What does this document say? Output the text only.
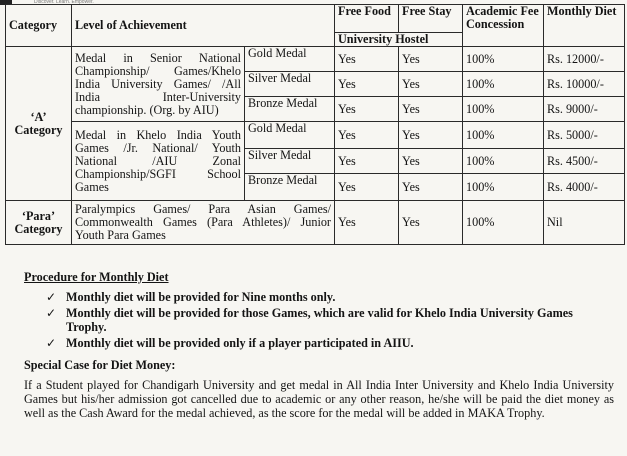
Discover. Learn. Empower.
Category	Level of Achievement		Free Food	Free Stay	Academic Fee Concession	Monthly Diet
			University Hostel			
‘A’ Category	Medal in Senior National Championship/ Games/Khelo India University Games/ /All India Inter-University championship. (Org. by AIU)	Gold Medal	Yes	Yes	100%	Rs. 12000/-
		Silver Medal	Yes	Yes	100%	Rs. 10000/-
		Bronze Medal	Yes	Yes	100%	Rs. 9000/-
	Medal in Khelo India Youth Games /Jr. National/ Youth National /AIU Zonal Championship/SGFI School Games	Gold Medal	Yes	Yes	100%	Rs. 5000/-
		Silver Medal	Yes	Yes	100%	Rs. 4500/-
		Bronze Medal	Yes	Yes	100%	Rs. 4000/-
‘Para’ Category	Paralympics Games/ Para Asian Games/ Commonwealth Games (Para Athletes)/ Junior Youth Para Games		Yes	Yes	100%	Nil
Procedure for Monthly Diet
✓ Monthly diet will be provided for Nine months only.
✓ Monthly diet will be provided for those Games, which are valid for Khelo India University Games Trophy.
✓ Monthly diet will be provided only if a player participated in AIIU.
Special Case for Diet Money:
If a Student played for Chandigarh University and get medal in All India Inter University and Khelo India University Games but his/her admission got cancelled due to academic or any other reason, he/she will be paid the diet money as well as the Cash Award for the medal achieved, as the score for the medal will be added in MAKA Trophy.
